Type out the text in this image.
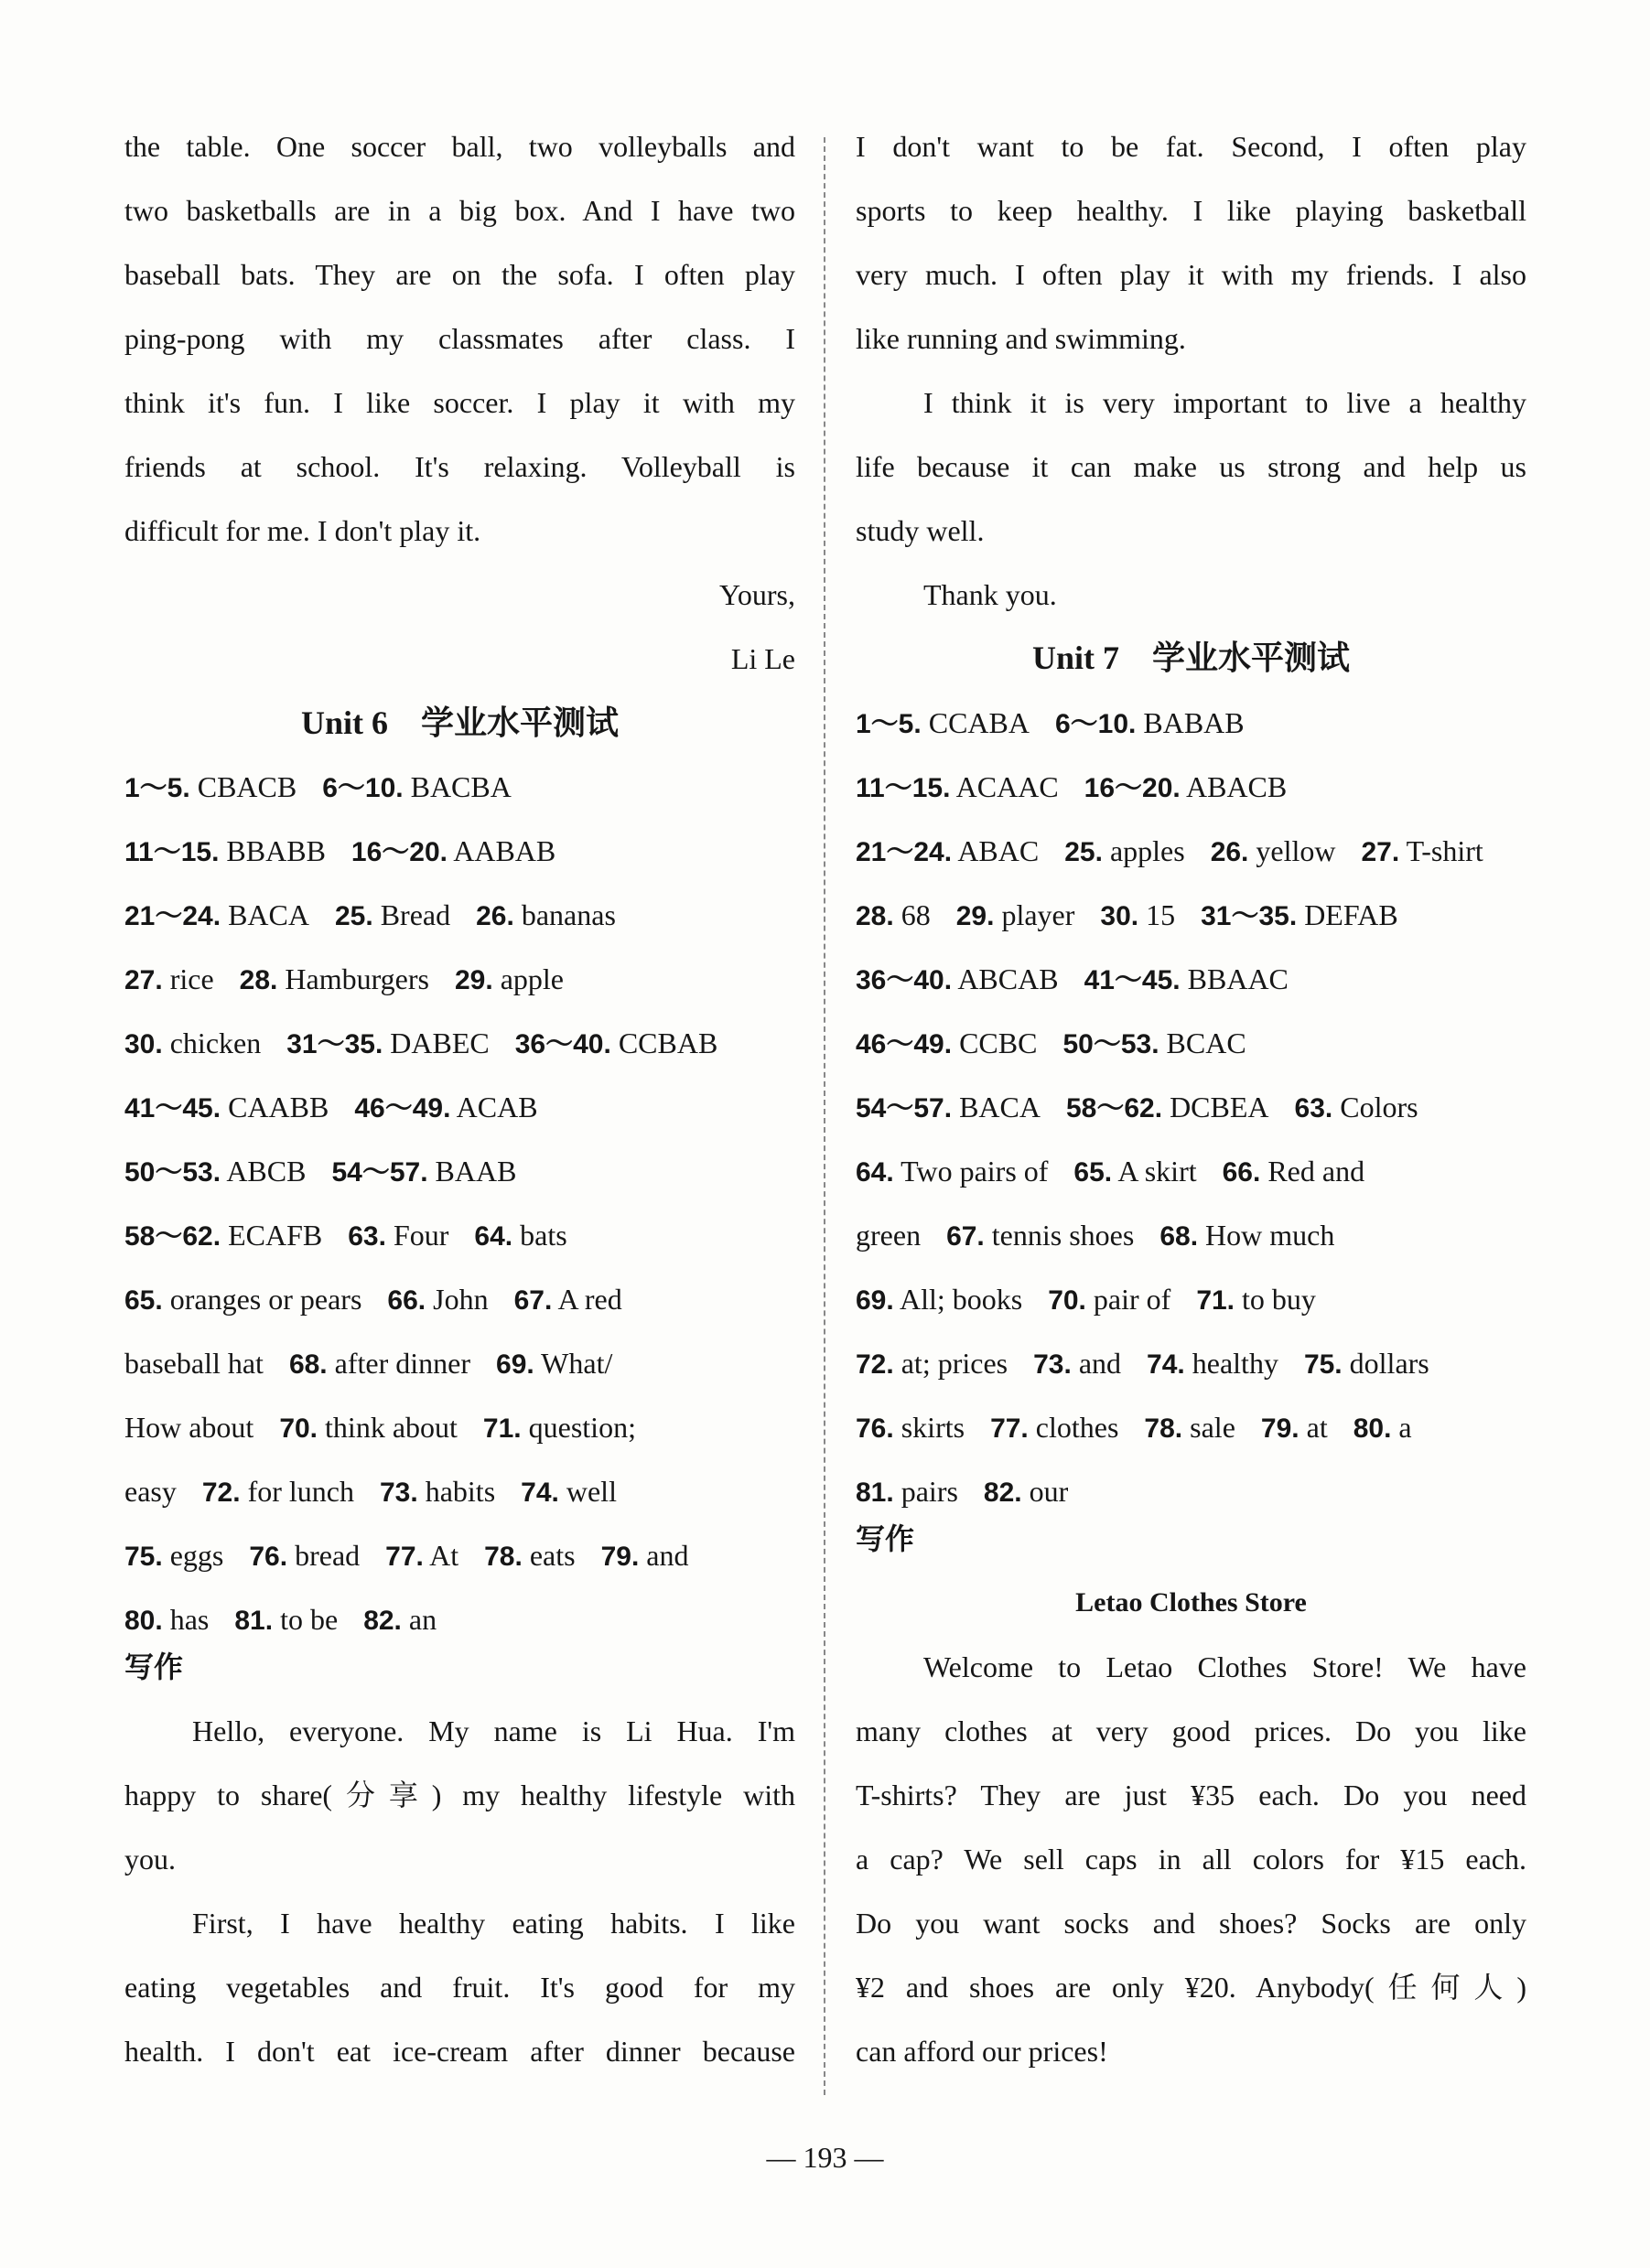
the table. One soccer ball, two volleyballs and
two basketballs are in a big box. And I have two
baseball bats. They are on the sofa. I often play
ping-pong with my classmates after class. I
think it's fun. I like soccer. I play it with my
friends at school. It's relaxing. Volleyball is
difficult for me. I don't play it.
Yours,
Li Le
Unit 6　学业水平测试
1～5. CBACB 6～10. BACBA
11～15. BBABB 16～20. AABAB
21～24. BACA 25. Bread 26. bananas
27. rice 28. Hamburgers 29. apple
30. chicken 31～35. DABEC 36～40. CCBAB
41～45. CAABB 46～49. ACAB
50～53. ABCB 54～57. BAAB
58～62. ECAFB 63. Four 64. bats
65. oranges or pears 66. John 67. A red
baseball hat 68. after dinner 69. What/
How about 70. think about 71. question;
easy 72. for lunch 73. habits 74. well
75. eggs 76. bread 77. At 78. eats 79. and
80. has 81. to be 82. an
写作
Hello, everyone. My name is Li Hua. I'm
happy to share(分享) my healthy lifestyle with
you.
First, I have healthy eating habits. I like
eating vegetables and fruit. It's good for my
health. I don't eat ice-cream after dinner because
I don't want to be fat. Second, I often play
sports to keep healthy. I like playing basketball
very much. I often play it with my friends. I also
like running and swimming.
I think it is very important to live a healthy
life because it can make us strong and help us
study well.
Thank you.
Unit 7　学业水平测试
1～5. CCABA 6～10. BABAB
11～15. ACAAC 16～20. ABACB
21～24. ABAC 25. apples 26. yellow 27. T-shirt
28. 68 29. player 30. 15 31～35. DEFAB
36～40. ABCAB 41～45. BBAAC
46～49. CCBC 50～53. BCAC
54～57. BACA 58～62. DCBEA 63. Colors
64. Two pairs of 65. A skirt 66. Red and
green 67. tennis shoes 68. How much
69. All; books 70. pair of 71. to buy
72. at; prices 73. and 74. healthy 75. dollars
76. skirts 77. clothes 78. sale 79. at 80. a
81. pairs 82. our
写作
Letao Clothes Store
Welcome to Letao Clothes Store! We have
many clothes at very good prices. Do you like
T-shirts? They are just ¥35 each. Do you need
a cap? We sell caps in all colors for ¥15 each.
Do you want socks and shoes? Socks are only
¥2 and shoes are only ¥20. Anybody(任何人)
can afford our prices!
— 193 —
